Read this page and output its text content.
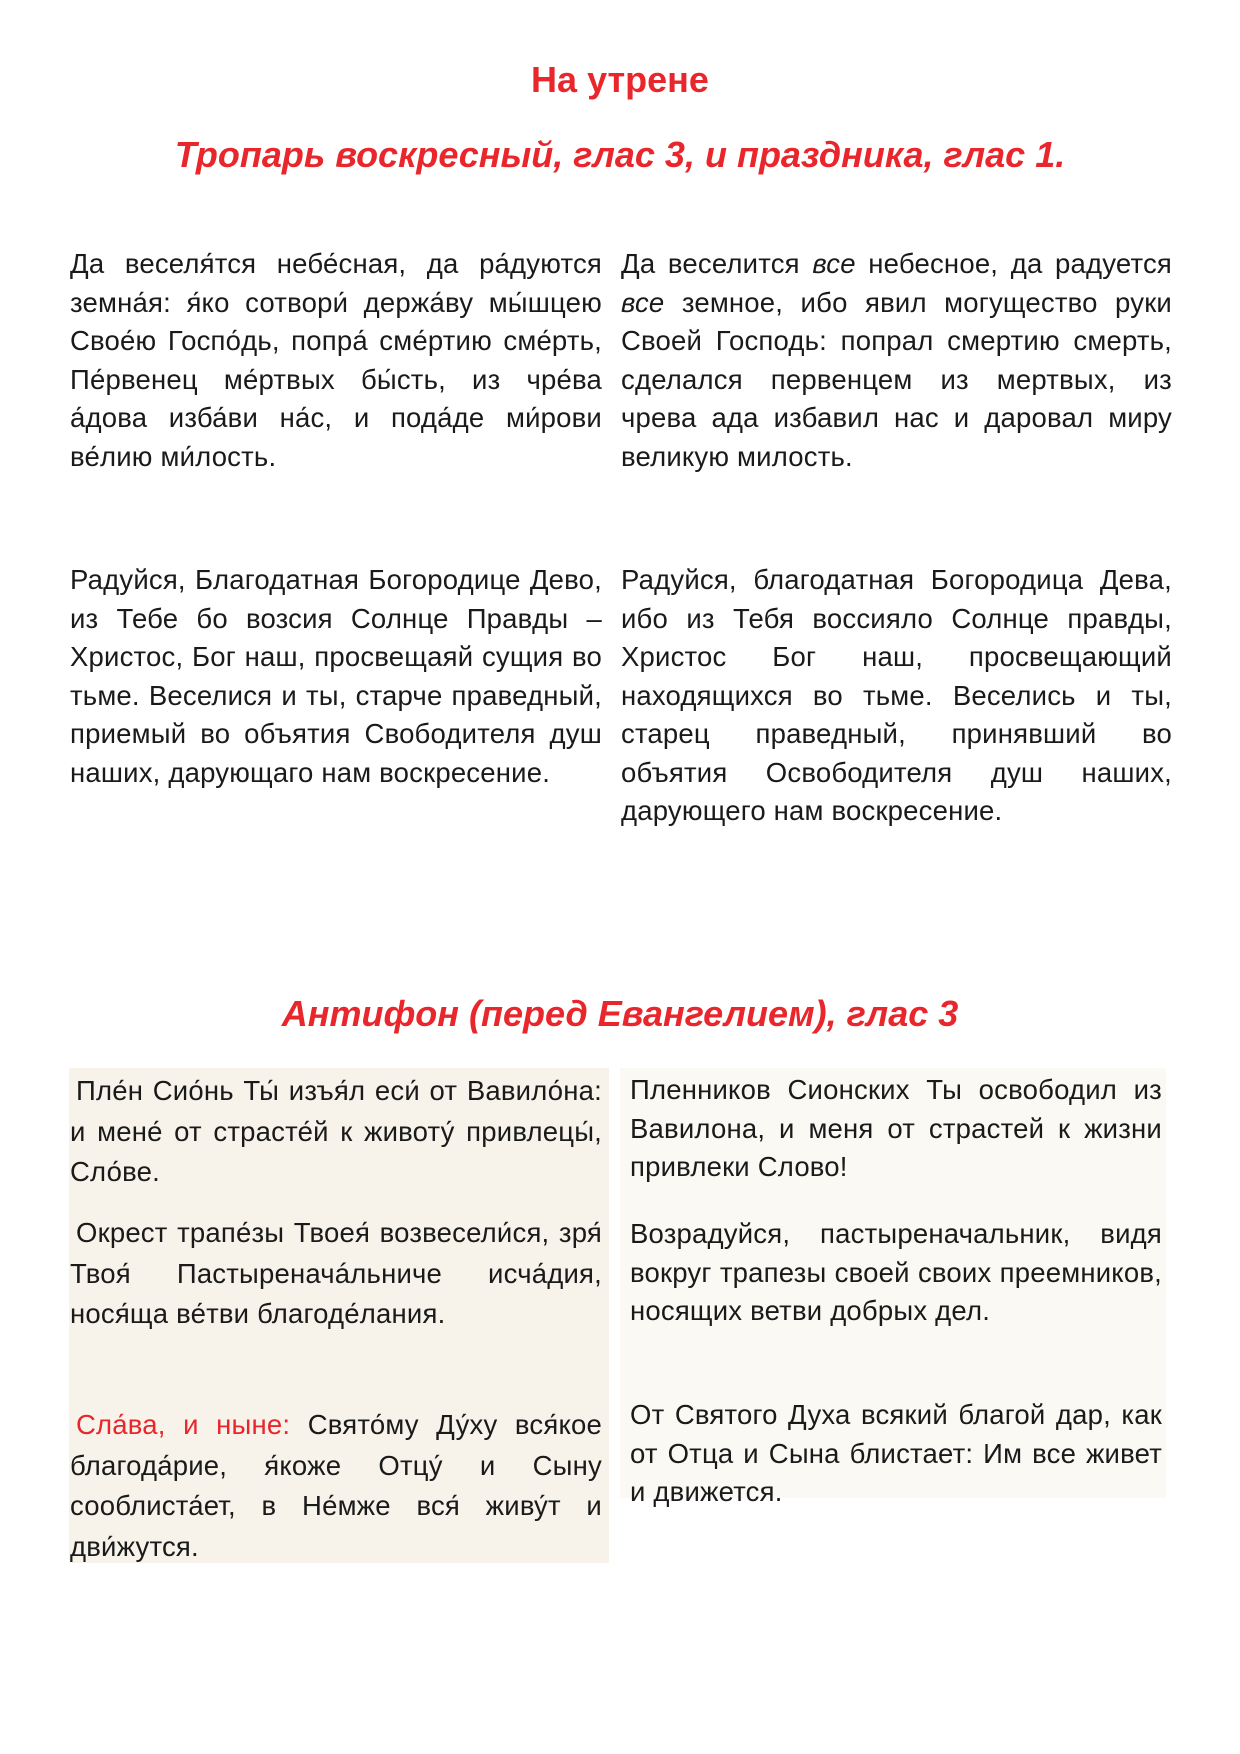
На утрене
Тропарь воскресный, глас 3, и праздника, глас 1.

Да веселя́тся небе́сная, да ра́дуются земна́я: я́ко сотвори́ держа́ву мы́шцею Свое́ю Госпо́дь, попра́ сме́ртию сме́рть, Пе́рвенец ме́ртвых бы́сть, из чре́ва а́дова изба́ви на́с, и пода́де ми́рови ве́лию ми́лость.

Да веселится все небесное, да радуется все земное, ибо явил могущество руки Своей Господь: попрал смертию смерть, сделался первенцем из мертвых, из чрева ада избавил нас и даровал миру великую милость.

Радуйся, Благодатная Богородице Дево, из Тебе бо возсия Солнце Правды – Христос, Бог наш, просвещаяй сущия во тьме. Веселися и ты, старче праведный, приемый во объятия Свободителя душ наших, дарующаго нам воскресение.

Радуйся, благодатная Богородица Дева, ибо из Тебя воссияло Солнце правды, Христос Бог наш, просвещающий находящихся во тьме. Веселись и ты, старец праведный, принявший во объятия Освободителя душ наших, дарующего нам воскресение.

Антифон (перед Евангелием), глас 3

Пле́н Сио́нь Ты́ изъя́л еси́ от Вавило́на: и мене́ от страсте́й к животу́ привлецы́, Сло́ве.

Пленников Сионских Ты освободил из Вавилона, и меня от страстей к жизни привлеки Слово!

Окрест трапе́зы Твоея́ возвесели́ся, зря́ Твоя́ Пастыреначáльниче исча́дия, нося́ща ве́тви благоде́лания.

Возрадуйся, пастыреначальник, видя вокруг трапезы своей своих преемников, носящих ветви добрых дел.

Сла́ва, и ныне: Свято́му Ду́ху вся́кое благода́рие, я́коже Отцу́ и Сыну сооблиста́ет, в Не́мже вся́ живу́т и дви́жутся.

От Святого Духа всякий благой дар, как от Отца и Сына блистает: Им все живет и движется.
